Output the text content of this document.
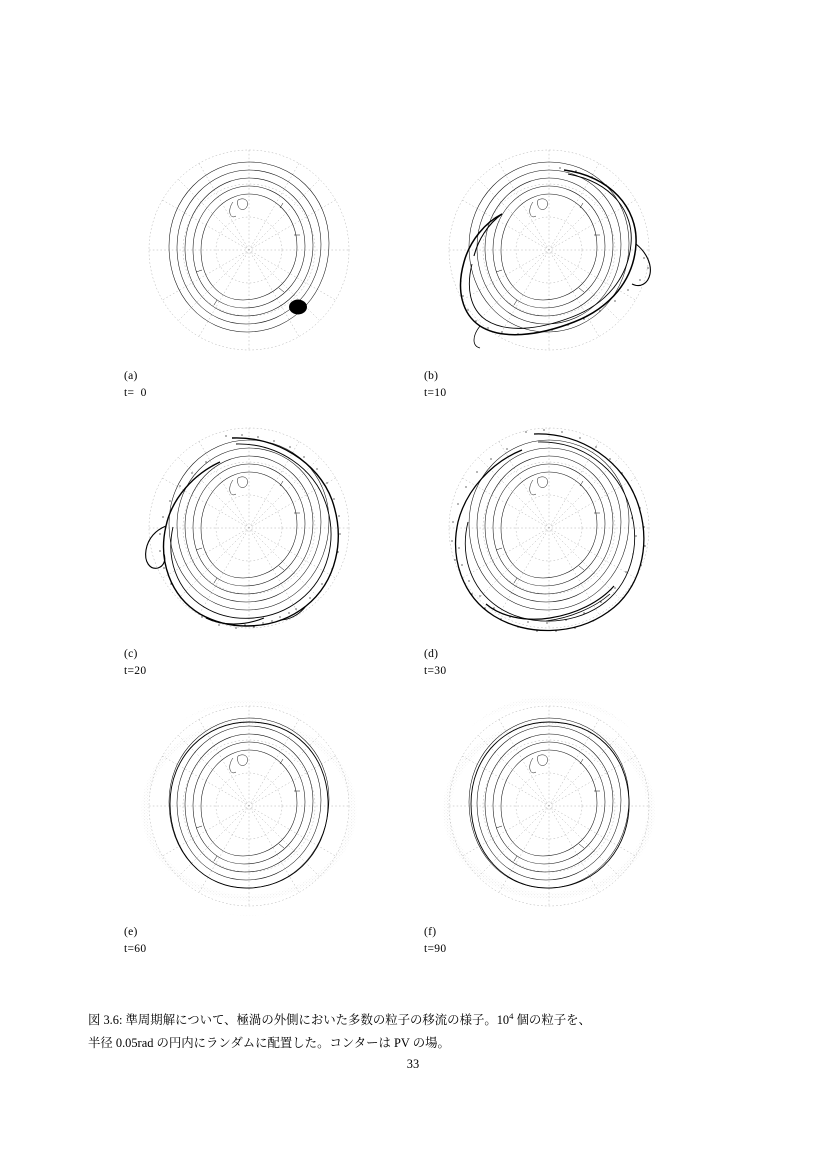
(a)
t=  0
(b)
t=10
(c)
t=20
(d)
t=30
(e)
t=60
(f)
t=90
図 3.6: 準周期解について、極渦の外側においた多数の粒子の移流の様子。$10^4$ 個の粒子を、
半径 0.05rad の円内にランダムに配置した。コンターは PV の場。
33
